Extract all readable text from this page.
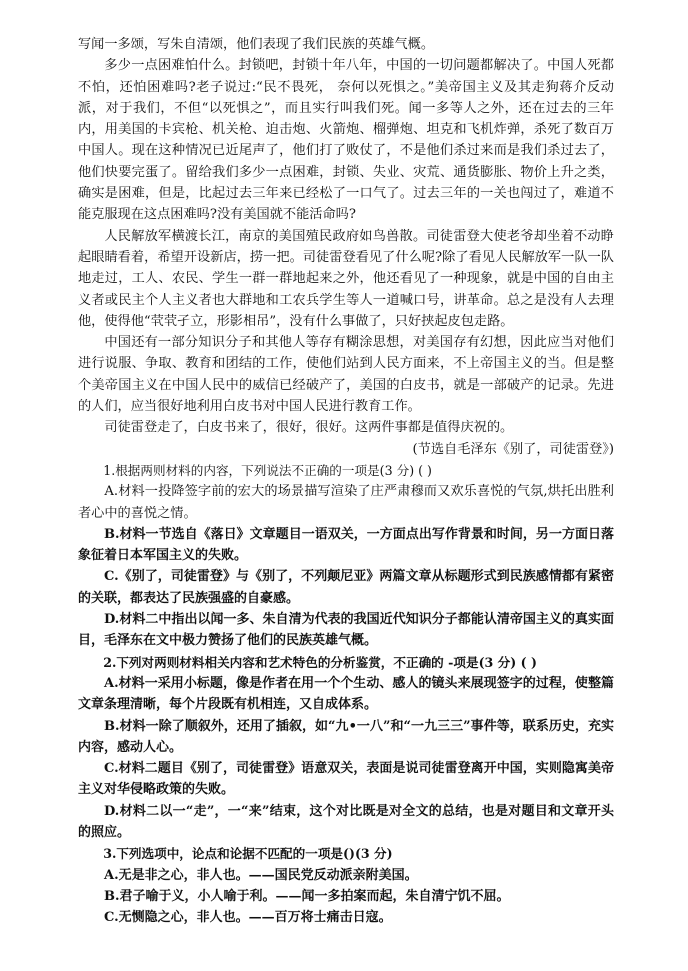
写闻一多颂，写朱自清颂，他们表现了我们民族的英雄气概。

多少一点困难怕什么。封锁吧，封锁十年八年，中国的一切问题都解决了。中国人死都不怕，还怕困难吗?老子说过:“民不畏死， 奈何以死惧之。”美帝国主义及其走狗蒋介反动派，对于我们，不但“以死惧之”，而且实行叫我们死。闻一多等人之外，还在过去的三年内，用美国的卡宾枪、机关枪、迫击炮、火箭炮、榴弹炮、坦克和飞机炸弹，杀死了数百万中国人。现在这种情况已近尾声了，他们打了败仗了，不是他们杀过来而是我们杀过去了，他们快要完蛋了。留给我们多少一点困难，封锁、失业、灾荒、通货膨胀、物价上升之类，确实是困难，但是，比起过去三年来已经松了一口气了。过去三年的一关也闯过了，难道不能克服现在这点困难吗?没有美国就不能活命吗?

人民解放军横渡长江，南京的美国殖民政府如鸟兽散。司徒雷登大使老爷却坐着不动睁起眼睛看着，希望开设新店，捞一把。司徒雷登看见了什么呢?除了看见人民解放军一队一队地走过，工人、农民、学生一群一群地起来之外，他还看见了一种现象，就是中国的自由主义者或民主个人主义者也大群地和工农兵学生等人一道喊口号，讲革命。总之是没有人去理他，使得他“茕茕孑立，形影相吊”，没有什么事做了，只好挟起皮包走路。

中国还有一部分知识分子和其他人等存有糊涂思想，对美国存有幻想，因此应当对他们进行说服、争取、教育和团结的工作，使他们站到人民方面来，不上帝国主义的当。但是整个美帝国主义在中国人民中的威信已经破产了，美国的白皮书，就是一部破产的记录。先进的人们，应当很好地利用白皮书对中国人民进行教育工作。

司徒雷登走了，白皮书来了，很好，很好。这两件事都是值得庆祝的。

(节选自毛泽东《别了，司徒雷登》)

1.根据两则材料的内容，下列说法不正确的一项是(3 分) ( )

A.材料一投降签字前的宏大的场景描写渲染了庄严肃穆而又欢乐喜悦的气氛,烘托出胜利者心中的喜悦之情。

B.材料一节选自《落日》文章题目一语双关，一方面点出写作背景和时间，另一方面日落象征着日本军国主义的失败。

C.《别了，司徒雷登》与《别了，不列颠尼亚》两篇文章从标题形式到民族感情都有紧密的关联，都表达了民族强盛的自豪感。

D.材料二中指出以闻一多、朱自清为代表的我国近代知识分子都能认清帝国主义的真实面目，毛泽东在文中极力赞扬了他们的民族英雄气概。

2.下列对两则材料相关内容和艺术特色的分析鉴赏，不正确的 -项是(3 分) ( )

A.材料一采用小标题，像是作者在用一个个生动、感人的镜头来展现签字的过程，使整篇文章条理清晰，每个片段既有机相连，又自成体系。

B.材料一除了顺叙外，还用了插叙，如“九•一八”和“一九三三”事件等，联系历史，充实内容，感动人心。

C.材料二题目《别了，司徒雷登》语意双关，表面是说司徒雷登离开中国，实则隐寓美帝主义对华侵略政策的失败。

D.材料二以一“走”，一“来”结束，这个对比既是对全文的总结，也是对题目和文章开头的照应。

3.下列选项中，论点和论据不匹配的一项是()(3 分)

A.无是非之心，非人也。——国民党反动派亲附美国。

B.君子喻于义，小人喻于利。——闻一多拍案而起，朱自清宁饥不屈。

C.无恻隐之心，非人也。——百万将士痛击日寇。
